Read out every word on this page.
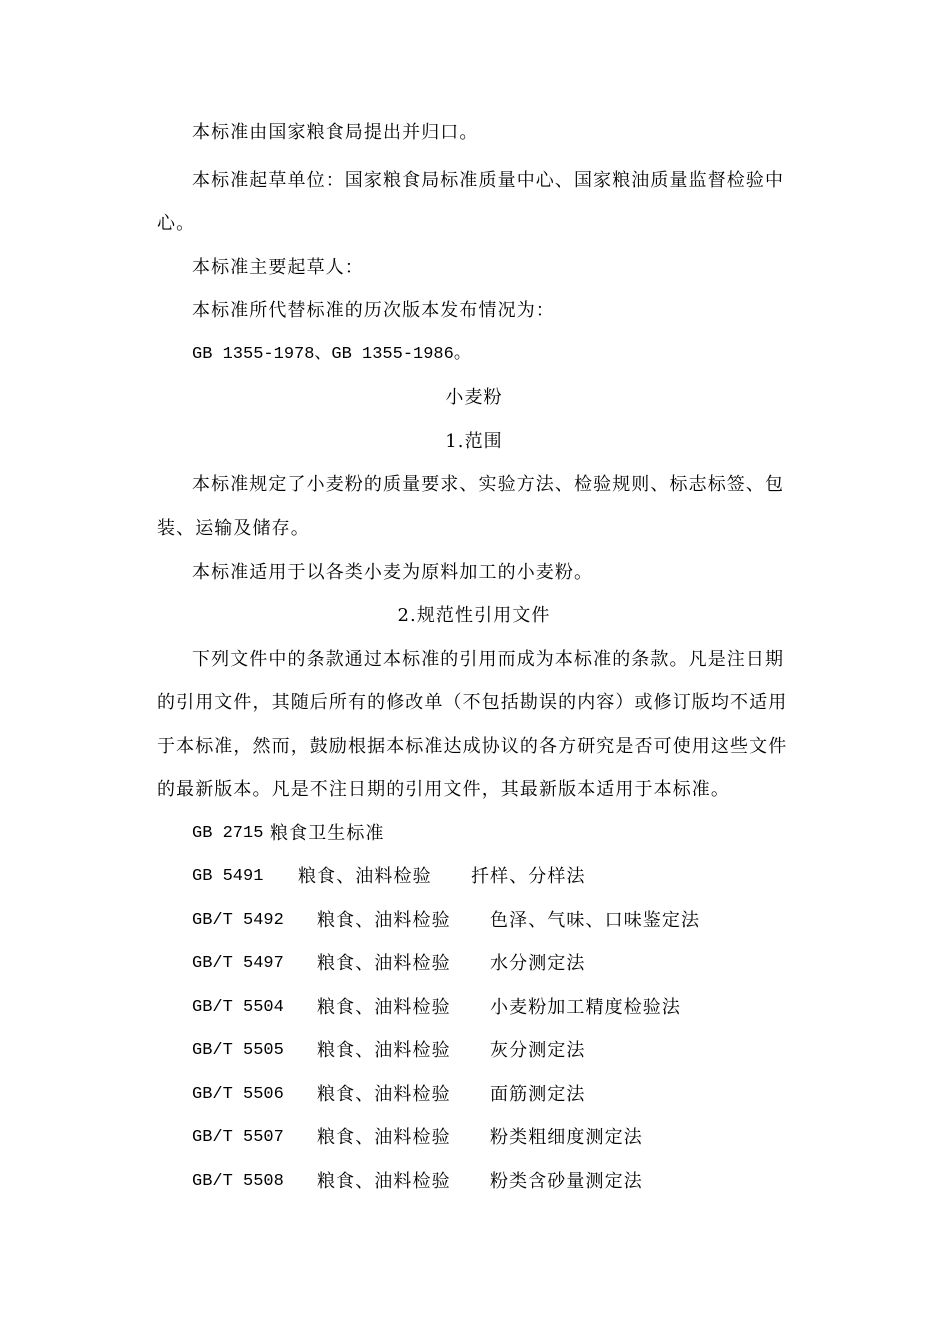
本标准由国家粮食局提出并归口。
本标准起草单位：国家粮食局标准质量中心、国家粮油质量监督检验中
心。
本标准主要起草人：
本标准所代替标准的历次版本发布情况为：
GB 1355-1978、GB 1355-1986。
小麦粉
1.范围
本标准规定了小麦粉的质量要求、实验方法、检验规则、标志标签、包
装、运输及储存。
本标准适用于以各类小麦为原料加工的小麦粉。
2.规范性引用文件
下列文件中的条款通过本标准的引用而成为本标准的条款。凡是注日期
的引用文件，其随后所有的修改单（不包括勘误的内容）或修订版均不适用
于本标准，然而，鼓励根据本标准达成协议的各方研究是否可使用这些文件
的最新版本。凡是不注日期的引用文件，其最新版本适用于本标准。
GB 2715 粮食卫生标准
GB 5491 粮食、油料检验 扦样、分样法
GB/T 5492 粮食、油料检验 色泽、气味、口味鉴定法
GB/T 5497 粮食、油料检验 水分测定法
GB/T 5504 粮食、油料检验 小麦粉加工精度检验法
GB/T 5505 粮食、油料检验 灰分测定法
GB/T 5506 粮食、油料检验 面筋测定法
GB/T 5507 粮食、油料检验 粉类粗细度测定法
GB/T 5508 粮食、油料检验 粉类含砂量测定法
